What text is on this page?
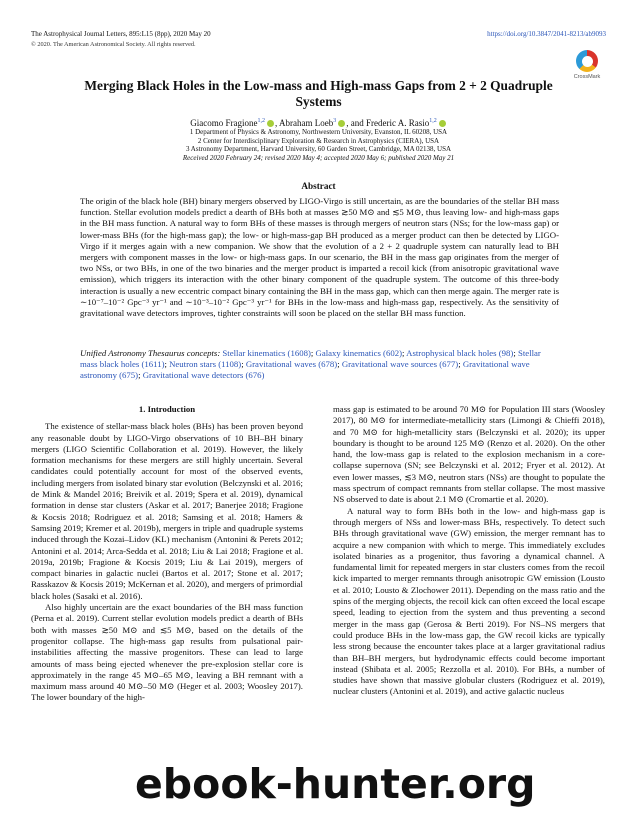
The Astrophysical Journal Letters, 895:L15 (8pp), 2020 May 20	https://doi.org/10.3847/2041-8213/ab9093
© 2020. The American Astronomical Society. All rights reserved.
CrossMark
Merging Black Holes in the Low-mass and High-mass Gaps from 2 + 2 Quadruple Systems
Giacomo Fragione$^{1,2}$ , Abraham Loeb$^3$ , and Frederic A. Rasio$^{1,2}$
1 Department of Physics & Astronomy, Northwestern University, Evanston, IL 60208, USA
2 Center for Interdisciplinary Exploration & Research in Astrophysics (CIERA), USA
3 Astronomy Department, Harvard University, 60 Garden Street, Cambridge, MA 02138, USA
Received 2020 February 24; revised 2020 May 4; accepted 2020 May 6; published 2020 May 21
Abstract
The origin of the black hole (BH) binary mergers observed by LIGO-Virgo is still uncertain, as are the boundaries of the stellar BH mass function. Stellar evolution models predict a dearth of BHs both at masses ≳50 M⊙ and ≲5 M⊙, thus leaving low- and high-mass gaps in the BH mass function. A natural way to form BHs of these masses is through mergers of neutron stars (NSs; for the low-mass gap) or lower-mass BHs (for the high-mass gap); the low- or high-mass-gap BH produced as a merger product can then be detected by LIGO-Virgo if it merges again with a new companion. We show that the evolution of a 2 + 2 quadruple system can naturally lead to BH mergers with component masses in the low- or high-mass gaps. In our scenario, the BH in the mass gap originates from the merger of two NSs, or two BHs, in one of the two binaries and the merger product is imparted a recoil kick (from anisotropic gravitational wave emission), which triggers its interaction with the other binary component of the quadruple system. The outcome of this three-body interaction is usually a new eccentric compact binary containing the BH in the mass gap, which can then merge again. The merger rate is ∼10⁻⁷–10⁻² Gpc⁻³ yr⁻¹ and ∼10⁻³–10⁻² Gpc⁻³ yr⁻¹ for BHs in the low-mass and high-mass gap, respectively. As the sensitivity of gravitational wave detectors improves, tighter constraints will soon be placed on the stellar BH mass function.
Unified Astronomy Thesaurus concepts: Stellar kinematics (1608); Galaxy kinematics (602); Astrophysical black holes (98); Stellar mass black holes (1611); Neutron stars (1108); Gravitational waves (678); Gravitational wave sources (677); Gravitational wave astronomy (675); Gravitational wave detectors (676)
1. Introduction

The existence of stellar-mass black holes (BHs) has been proven beyond any reasonable doubt by LIGO-Virgo observations of 10 BH–BH binary mergers (LIGO Scientific Collaboration et al. 2019). However, the likely formation mechanisms for these mergers are still highly uncertain. Several candidates could potentially account for most of the observed events, including mergers from isolated binary star evolution (Belczynski et al. 2016; de Mink & Mandel 2016; Breivik et al. 2019; Spera et al. 2019), dynamical formation in dense star clusters (Askar et al. 2017; Banerjee 2018; Fragione & Kocsis 2018; Rodriguez et al. 2018; Samsing et al. 2018; Hamers & Samsing 2019; Kremer et al. 2019b), mergers in triple and quadruple systems induced through the Kozai–Lidov (KL) mechanism (Antonini & Perets 2012; Antonini et al. 2014; Arca-Sedda et al. 2018; Liu & Lai 2018; Fragione et al. 2019a, 2019b; Fragione & Kocsis 2019; Liu & Lai 2019), mergers of compact binaries in galactic nuclei (Bartos et al. 2017; Stone et al. 2017; Rasskazov & Kocsis 2019; McKernan et al. 2020), and mergers of primordial black holes (Sasaki et al. 2016).

Also highly uncertain are the exact boundaries of the BH mass function (Perna et al. 2019). Current stellar evolution models predict a dearth of BHs both with masses ≳50 M⊙ and ≲5 M⊙, based on the details of the progenitor collapse. The high-mass gap results from pulsational pair-instabilities affecting the massive progenitors. These can lead to large amounts of mass being ejected whenever the pre-explosion stellar core is approximately in the range 45 M⊙–65 M⊙, leaving a BH remnant with a maximum mass around 40 M⊙–50 M⊙ (Heger et al. 2003; Woosley 2017). The lower boundary of the high-

mass gap is estimated to be around 70 M⊙ for Population III stars (Woosley 2017), 80 M⊙ for intermediate-metallicity stars (Limongi & Chieffi 2018), and 70 M⊙ for high-metallicity stars (Belczynski et al. 2020); its upper boundary is thought to be around 125 M⊙ (Renzo et al. 2020). On the other hand, the low-mass gap is related to the explosion mechanism in a core-collapse supernova (SN; see Belczynski et al. 2012; Fryer et al. 2012). At even lower masses, ≲3 M⊙, neutron stars (NSs) are thought to populate the mass spectrum of compact remnants from stellar collapse. The most massive NS observed to date is about 2.1 M⊙ (Cromartie et al. 2020).

A natural way to form BHs both in the low- and high-mass gap is through mergers of NSs and lower-mass BHs, respectively. To detect such BHs through gravitational wave (GW) emission, the merger remnant has to acquire a new companion with which to merge. This immediately excludes isolated binaries as a progenitor, thus favoring a dynamical channel. A fundamental limit for repeated mergers in star clusters comes from the recoil kick imparted to merger remnants through anisotropic GW emission (Lousto et al. 2010; Lousto & Zlochower 2011). Depending on the mass ratio and the spins of the merging objects, the recoil kick can often exceed the local escape speed, leading to ejection from the system and thus preventing a second merger in the mass gap (Gerosa & Berti 2019). For NS–NS mergers that could produce BHs in the low-mass gap, the GW recoil kicks are typically less strong because the encounter takes place at a larger gravitational radius than BH–BH mergers, but hydrodynamic effects could become important instead (Shibata et al. 2005; Rezzolla et al. 2010). For BHs, a number of studies have shown that massive globular clusters (Rodriguez et al. 2019), nuclear clusters (Antonini et al. 2019), and active galactic nucleus

ebook-hunter.org
